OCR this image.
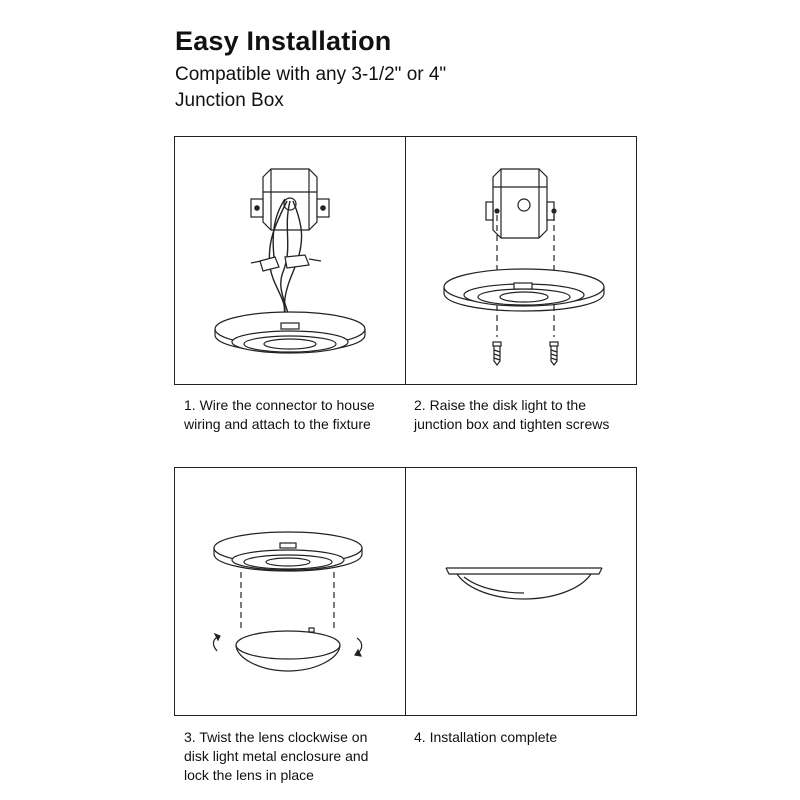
Easy Installation
Compatible with any 3-1/2" or 4"
Junction Box
1. Wire the connector to house
wiring and attach to the fixture
2. Raise the disk light to the
junction box and tighten screws
3. Twist the lens clockwise on
disk light metal enclosure and
lock the lens in place
4. Installation complete
